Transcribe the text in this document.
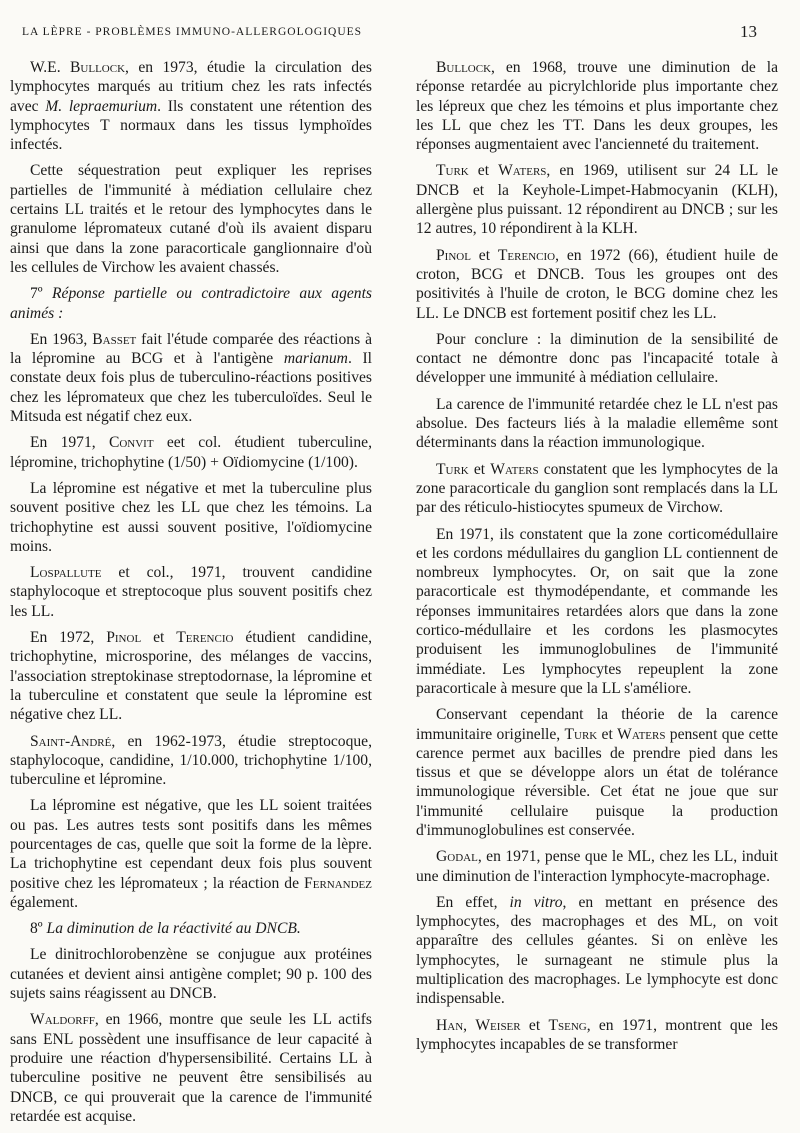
LA LÈPRE - PROBLÈMES IMMUNO-ALLERGOLOGIQUES	13

W.E. Bullock, en 1973, étudie la circulation des lymphocytes marqués au tritium chez les rats infectés avec M. lepraemurium. Ils constatent une rétention des lymphocytes T normaux dans les tissus lymphoïdes infectés.

Cette séquestration peut expliquer les reprises partielles de l'immunité à médiation cellulaire chez certains LL traités et le retour des lymphocytes dans le granulome lépromateux cutané d'où ils avaient disparu ainsi que dans la zone paracorticale ganglionnaire d'où les cellules de Virchow les avaient chassés.

7º Réponse partielle ou contradictoire aux agents animés :

En 1963, Basset fait l'étude comparée des réactions à la lépromine au BCG et à l'antigène marianum. Il constate deux fois plus de tuberculino-réactions positives chez les lépromateux que chez les tuberculoïdes. Seul le Mitsuda est négatif chez eux.

En 1971, Convit eet col. étudient tuberculine, lépromine, trichophytine (1/50) + Oïdiomycine (1/100).

La lépromine est négative et met la tuberculine plus souvent positive chez les LL que chez les témoins. La trichophytine est aussi souvent positive, l'oïdiomycine moins.

Lospallute et col., 1971, trouvent candidine staphylocoque et streptocoque plus souvent positifs chez les LL.

En 1972, Pinol et Terencio étudient candidine, trichophytine, microsporine, des mélanges de vaccins, l'association streptokinase streptodornase, la lépromine et la tuberculine et constatent que seule la lépromine est négative chez LL.

Saint-André, en 1962-1973, étudie streptocoque, staphylocoque, candidine, 1/10.000, trichophytine 1/100, tuberculine et lépromine.

La lépromine est négative, que les LL soient traitées ou pas. Les autres tests sont positifs dans les mêmes pourcentages de cas, quelle que soit la forme de la lèpre. La trichophytine est cependant deux fois plus souvent positive chez les lépromateux ; la réaction de Fernandez également.

8º La diminution de la réactivité au DNCB.

Le dinitrochlorobenzène se conjugue aux protéines cutanées et devient ainsi antigène complet; 90 p. 100 des sujets sains réagissent au DNCB.

Waldorff, en 1966, montre que seule les LL actifs sans ENL possèdent une insuffisance de leur capacité à produire une réaction d'hypersensibilité. Certains LL à tuberculine positive ne peuvent être sensibilisés au DNCB, ce qui prouverait que la carence de l'immunité retardée est acquise.

Bullock, en 1968, trouve une diminution de la réponse retardée au picrylchloride plus importante chez les lépreux que chez les témoins et plus importante chez les LL que chez les TT. Dans les deux groupes, les réponses augmentaient avec l'ancienneté du traitement.

Turk et Waters, en 1969, utilisent sur 24 LL le DNCB et la Keyhole-Limpet-Habmocyanin (KLH), allergène plus puissant. 12 répondirent au DNCB ; sur les 12 autres, 10 répondirent à la KLH.

Pinol et Terencio, en 1972 (66), étudient huile de croton, BCG et DNCB. Tous les groupes ont des positivités à l'huile de croton, le BCG domine chez les LL. Le DNCB est fortement positif chez les LL.

Pour conclure : la diminution de la sensibilité de contact ne démontre donc pas l'incapacité totale à développer une immunité à médiation cellulaire.

La carence de l'immunité retardée chez le LL n'est pas absolue. Des facteurs liés à la maladie ellemême sont déterminants dans la réaction immunologique.

Turk et Waters constatent que les lymphocytes de la zone paracorticale du ganglion sont remplacés dans la LL par des réticulo-histiocytes spumeux de Virchow.

En 1971, ils constatent que la zone corticomédullaire et les cordons médullaires du ganglion LL contiennent de nombreux lymphocytes. Or, on sait que la zone paracorticale est thymodépendante, et commande les réponses immunitaires retardées alors que dans la zone cortico-médullaire et les cordons les plasmocytes produisent les immunoglobulines de l'immunité immédiate. Les lymphocytes repeuplent la zone paracorticale à mesure que la LL s'améliore.

Conservant cependant la théorie de la carence immunitaire originelle, Turk et Waters pensent que cette carence permet aux bacilles de prendre pied dans les tissus et que se développe alors un état de tolérance immunologique réversible. Cet état ne joue que sur l'immunité cellulaire puisque la production d'immunoglobulines est conservée.

Godal, en 1971, pense que le ML, chez les LL, induit une diminution de l'interaction lymphocyte-macrophage.

En effet, in vitro, en mettant en présence des lymphocytes, des macrophages et des ML, on voit apparaître des cellules géantes. Si on enlève les lymphocytes, le surnageant ne stimule plus la multiplication des macrophages. Le lymphocyte est donc indispensable.

Han, Weiser et Tseng, en 1971, montrent que les lymphocytes incapables de se transformer
